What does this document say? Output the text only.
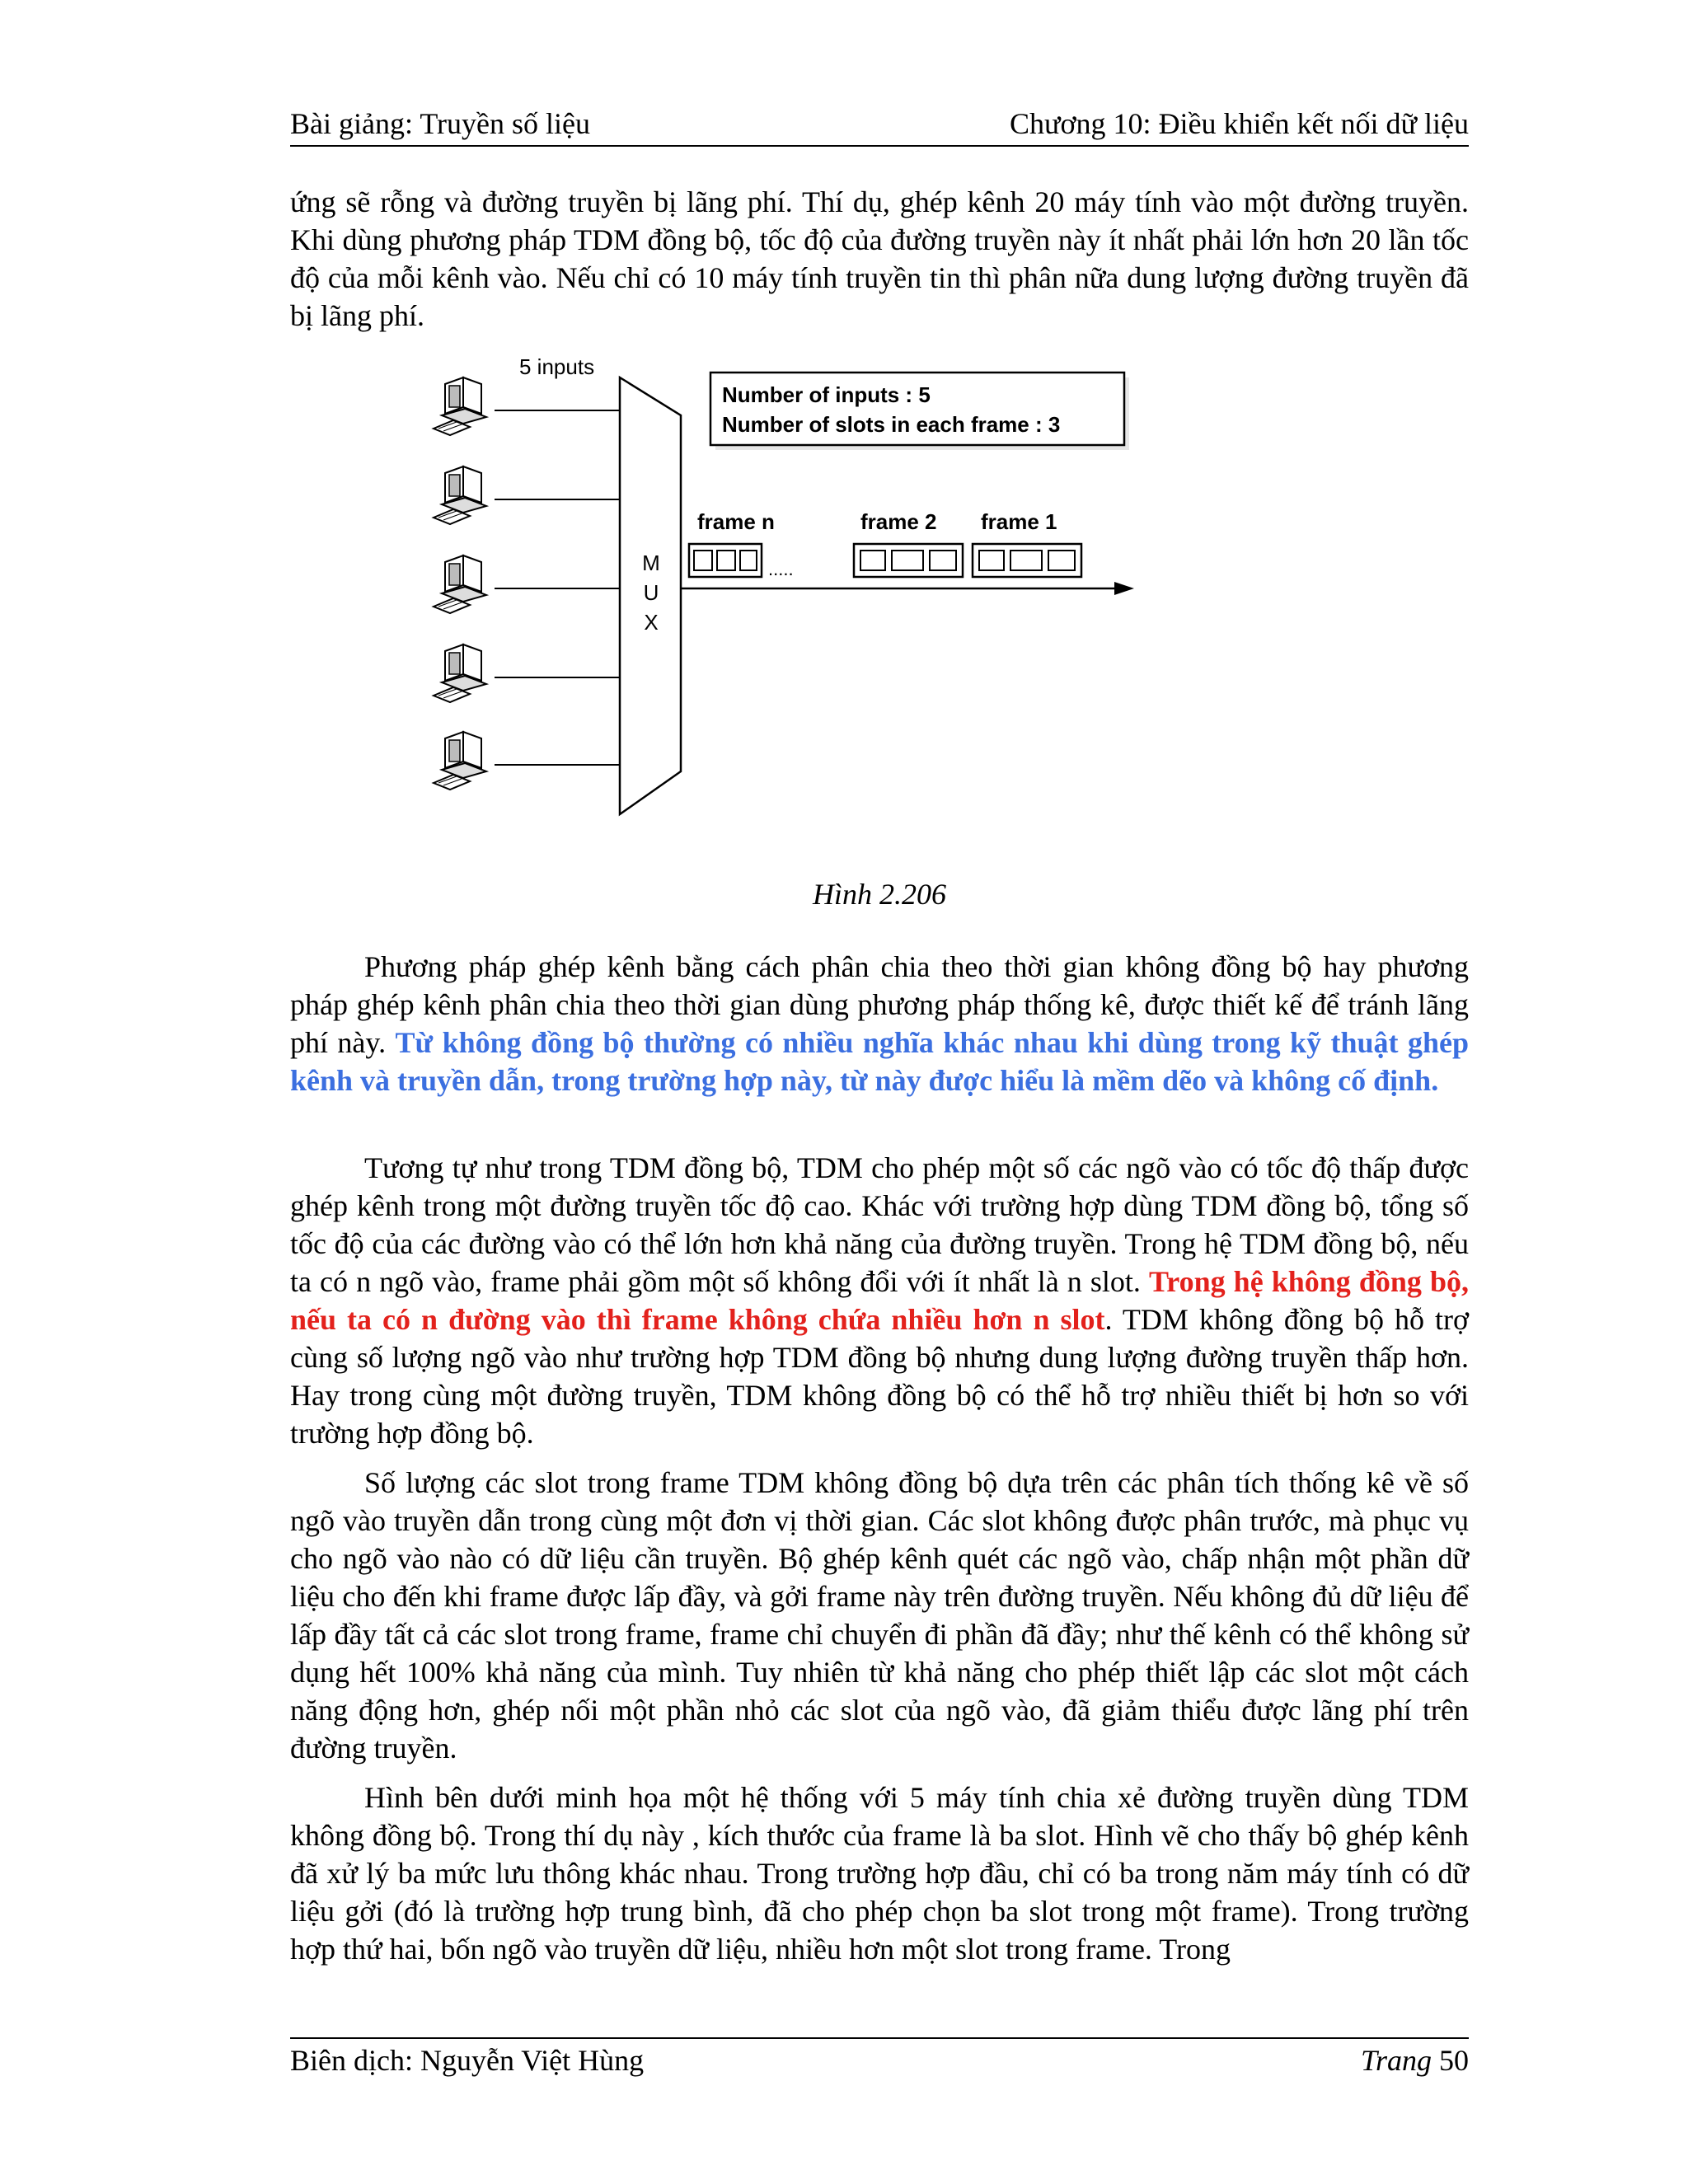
Bài giảng: Truyền số liệu	Chương 10: Điều khiển kết nối dữ liệu

ứng sẽ rỗng và đường truyền bị lãng phí. Thí dụ, ghép kênh 20 máy tính vào một đường truyền. Khi dùng phương pháp TDM đồng bộ, tốc độ của đường truyền này ít nhất phải lớn hơn 20 lần tốc độ của mỗi kênh vào. Nếu chỉ có 10 máy tính truyền tin thì phân nữa dung lượng đường truyền đã bị lãng phí.

M
U
X
5 inputs
Number of inputs : 5
Number of slots in each frame : 3
frame n	frame 2 frame 1
.....
Hình 2.206

Phương pháp ghép kênh bằng cách phân chia theo thời gian không đồng bộ hay phương pháp ghép kênh phân chia theo thời gian dùng phương pháp thống kê, được thiết kế để tránh lãng phí này. Từ không đồng bộ thường có nhiều nghĩa khác nhau khi dùng trong kỹ thuật ghép kênh và truyền dẫn, trong trường hợp này, từ này được hiểu là mềm dẽo và không cố định.

Tương tự như trong TDM đồng bộ, TDM cho phép một số các ngõ vào có tốc độ thấp được ghép kênh trong một đường truyền tốc độ cao. Khác với trường hợp dùng TDM đồng bộ, tổng số tốc độ của các đường vào có thể lớn hơn khả năng của đường truyền. Trong hệ TDM đồng bộ, nếu ta có n ngõ vào, frame phải gồm một số không đổi với ít nhất là n slot. Trong hệ không đồng bộ, nếu ta có n đường vào thì frame không chứa nhiều hơn n slot. TDM không đồng bộ hỗ trợ cùng số lượng ngõ vào như trường hợp TDM đồng bộ nhưng dung lượng đường truyền thấp hơn. Hay trong cùng một đường truyền, TDM không đồng bộ có thể hỗ trợ nhiều thiết bị hơn so với trường hợp đồng bộ.

Số lượng các slot trong frame TDM không đồng bộ dựa trên các phân tích thống kê về số ngõ vào truyền dẫn trong cùng một đơn vị thời gian. Các slot không được phân trước, mà phục vụ cho ngõ vào nào có dữ liệu cần truyền. Bộ ghép kênh quét các ngõ vào, chấp nhận một phần dữ liệu cho đến khi frame được lấp đầy, và gởi frame này trên đường truyền. Nếu không đủ dữ liệu để lấp đầy tất cả các slot trong frame, frame chỉ chuyển đi phần đã đầy; như thế kênh có thể không sử dụng hết 100% khả năng của mình. Tuy nhiên từ khả năng cho phép thiết lập các slot một cách năng động hơn, ghép nối một phần nhỏ các slot của ngõ vào, đã giảm thiểu được lãng phí trên đường truyền.

Hình bên dưới minh họa một hệ thống với 5 máy tính chia xẻ đường truyền dùng TDM không đồng bộ. Trong thí dụ này , kích thước của frame là ba slot. Hình vẽ cho thấy bộ ghép kênh đã xử lý ba mức lưu thông khác nhau. Trong trường hợp đầu, chỉ có ba trong năm máy tính có dữ liệu gởi (đó là trường hợp trung bình, đã cho phép chọn ba slot trong một frame). Trong trường hợp thứ hai, bốn ngõ vào truyền dữ liệu, nhiều hơn một slot trong frame. Trong

Biên dịch: Nguyễn Việt Hùng	Trang 50
